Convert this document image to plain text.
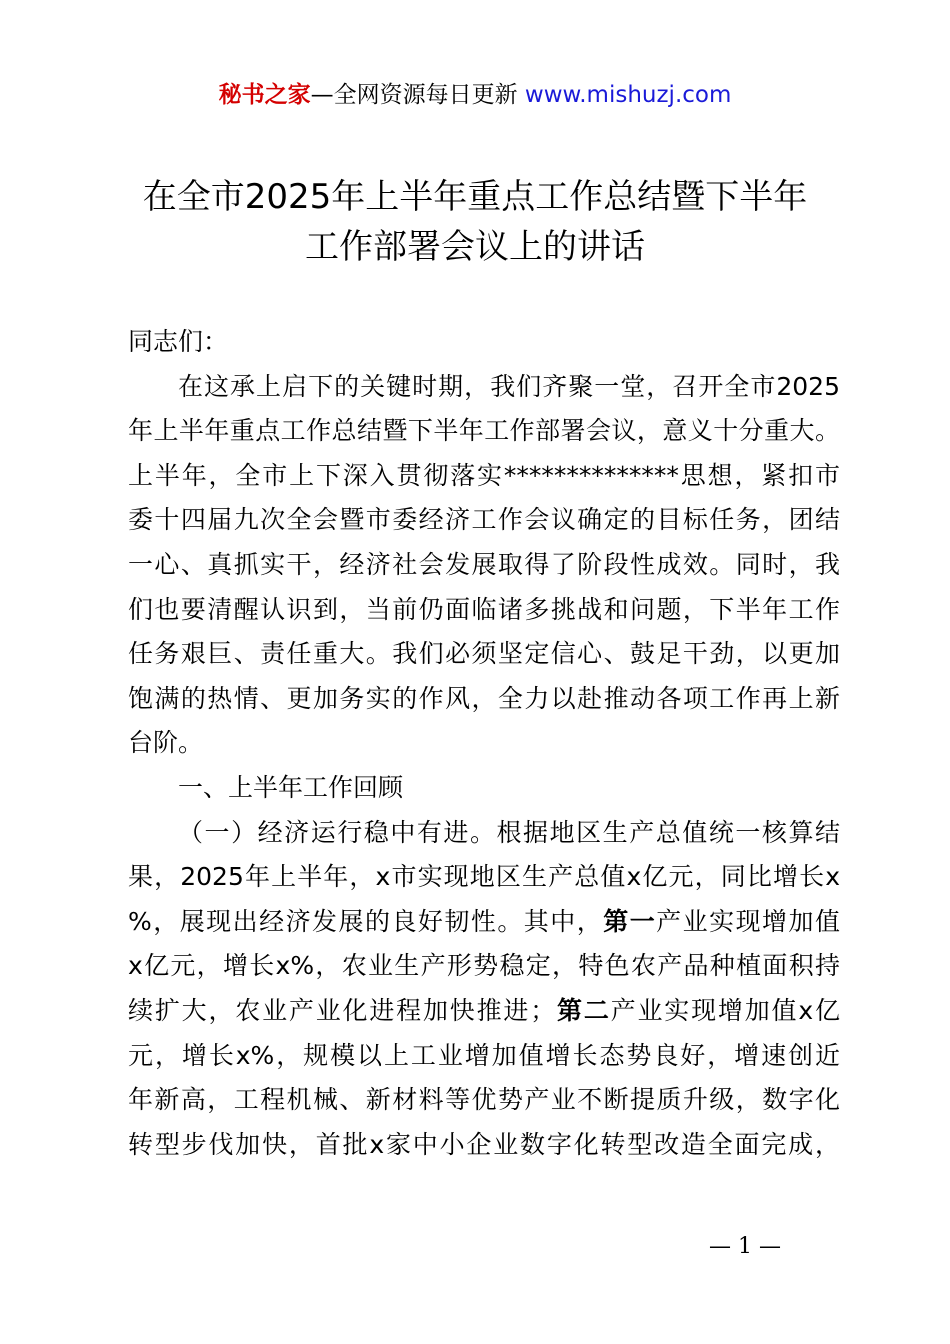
秘书之家—全网资源每日更新 www.mishuzj.com
在全市2025年上半年重点工作总结暨下半年
工作部署会议上的讲话

同志们：

在这承上启下的关键时期，我们齐聚一堂，召开全市2025
年上半年重点工作总结暨下半年工作部署会议，意义十分重大。
上半年，全市上下深入贯彻落实**************思想，紧扣市
委十四届九次全会暨市委经济工作会议确定的目标任务，团结
一心、真抓实干，经济社会发展取得了阶段性成效。同时，我
们也要清醒认识到，当前仍面临诸多挑战和问题，下半年工作
任务艰巨、责任重大。我们必须坚定信心、鼓足干劲，以更加
饱满的热情、更加务实的作风，全力以赴推动各项工作再上新
台阶。

一、上半年工作回顾

（一）经济运行稳中有进。根据地区生产总值统一核算结
果，2025年上半年，x市实现地区生产总值x亿元，同比增长x
%，展现出经济发展的良好韧性。其中，第一产业实现增加值
x亿元，增长x%，农业生产形势稳定，特色农产品种植面积持
续扩大，农业产业化进程加快推进；第二产业实现增加值x亿
元，增长x%，规模以上工业增加值增长态势良好，增速创近
年新高，工程机械、新材料等优势产业不断提质升级，数字化
转型步伐加快，首批x家中小企业数字化转型改造全面完成，

— 1 —
